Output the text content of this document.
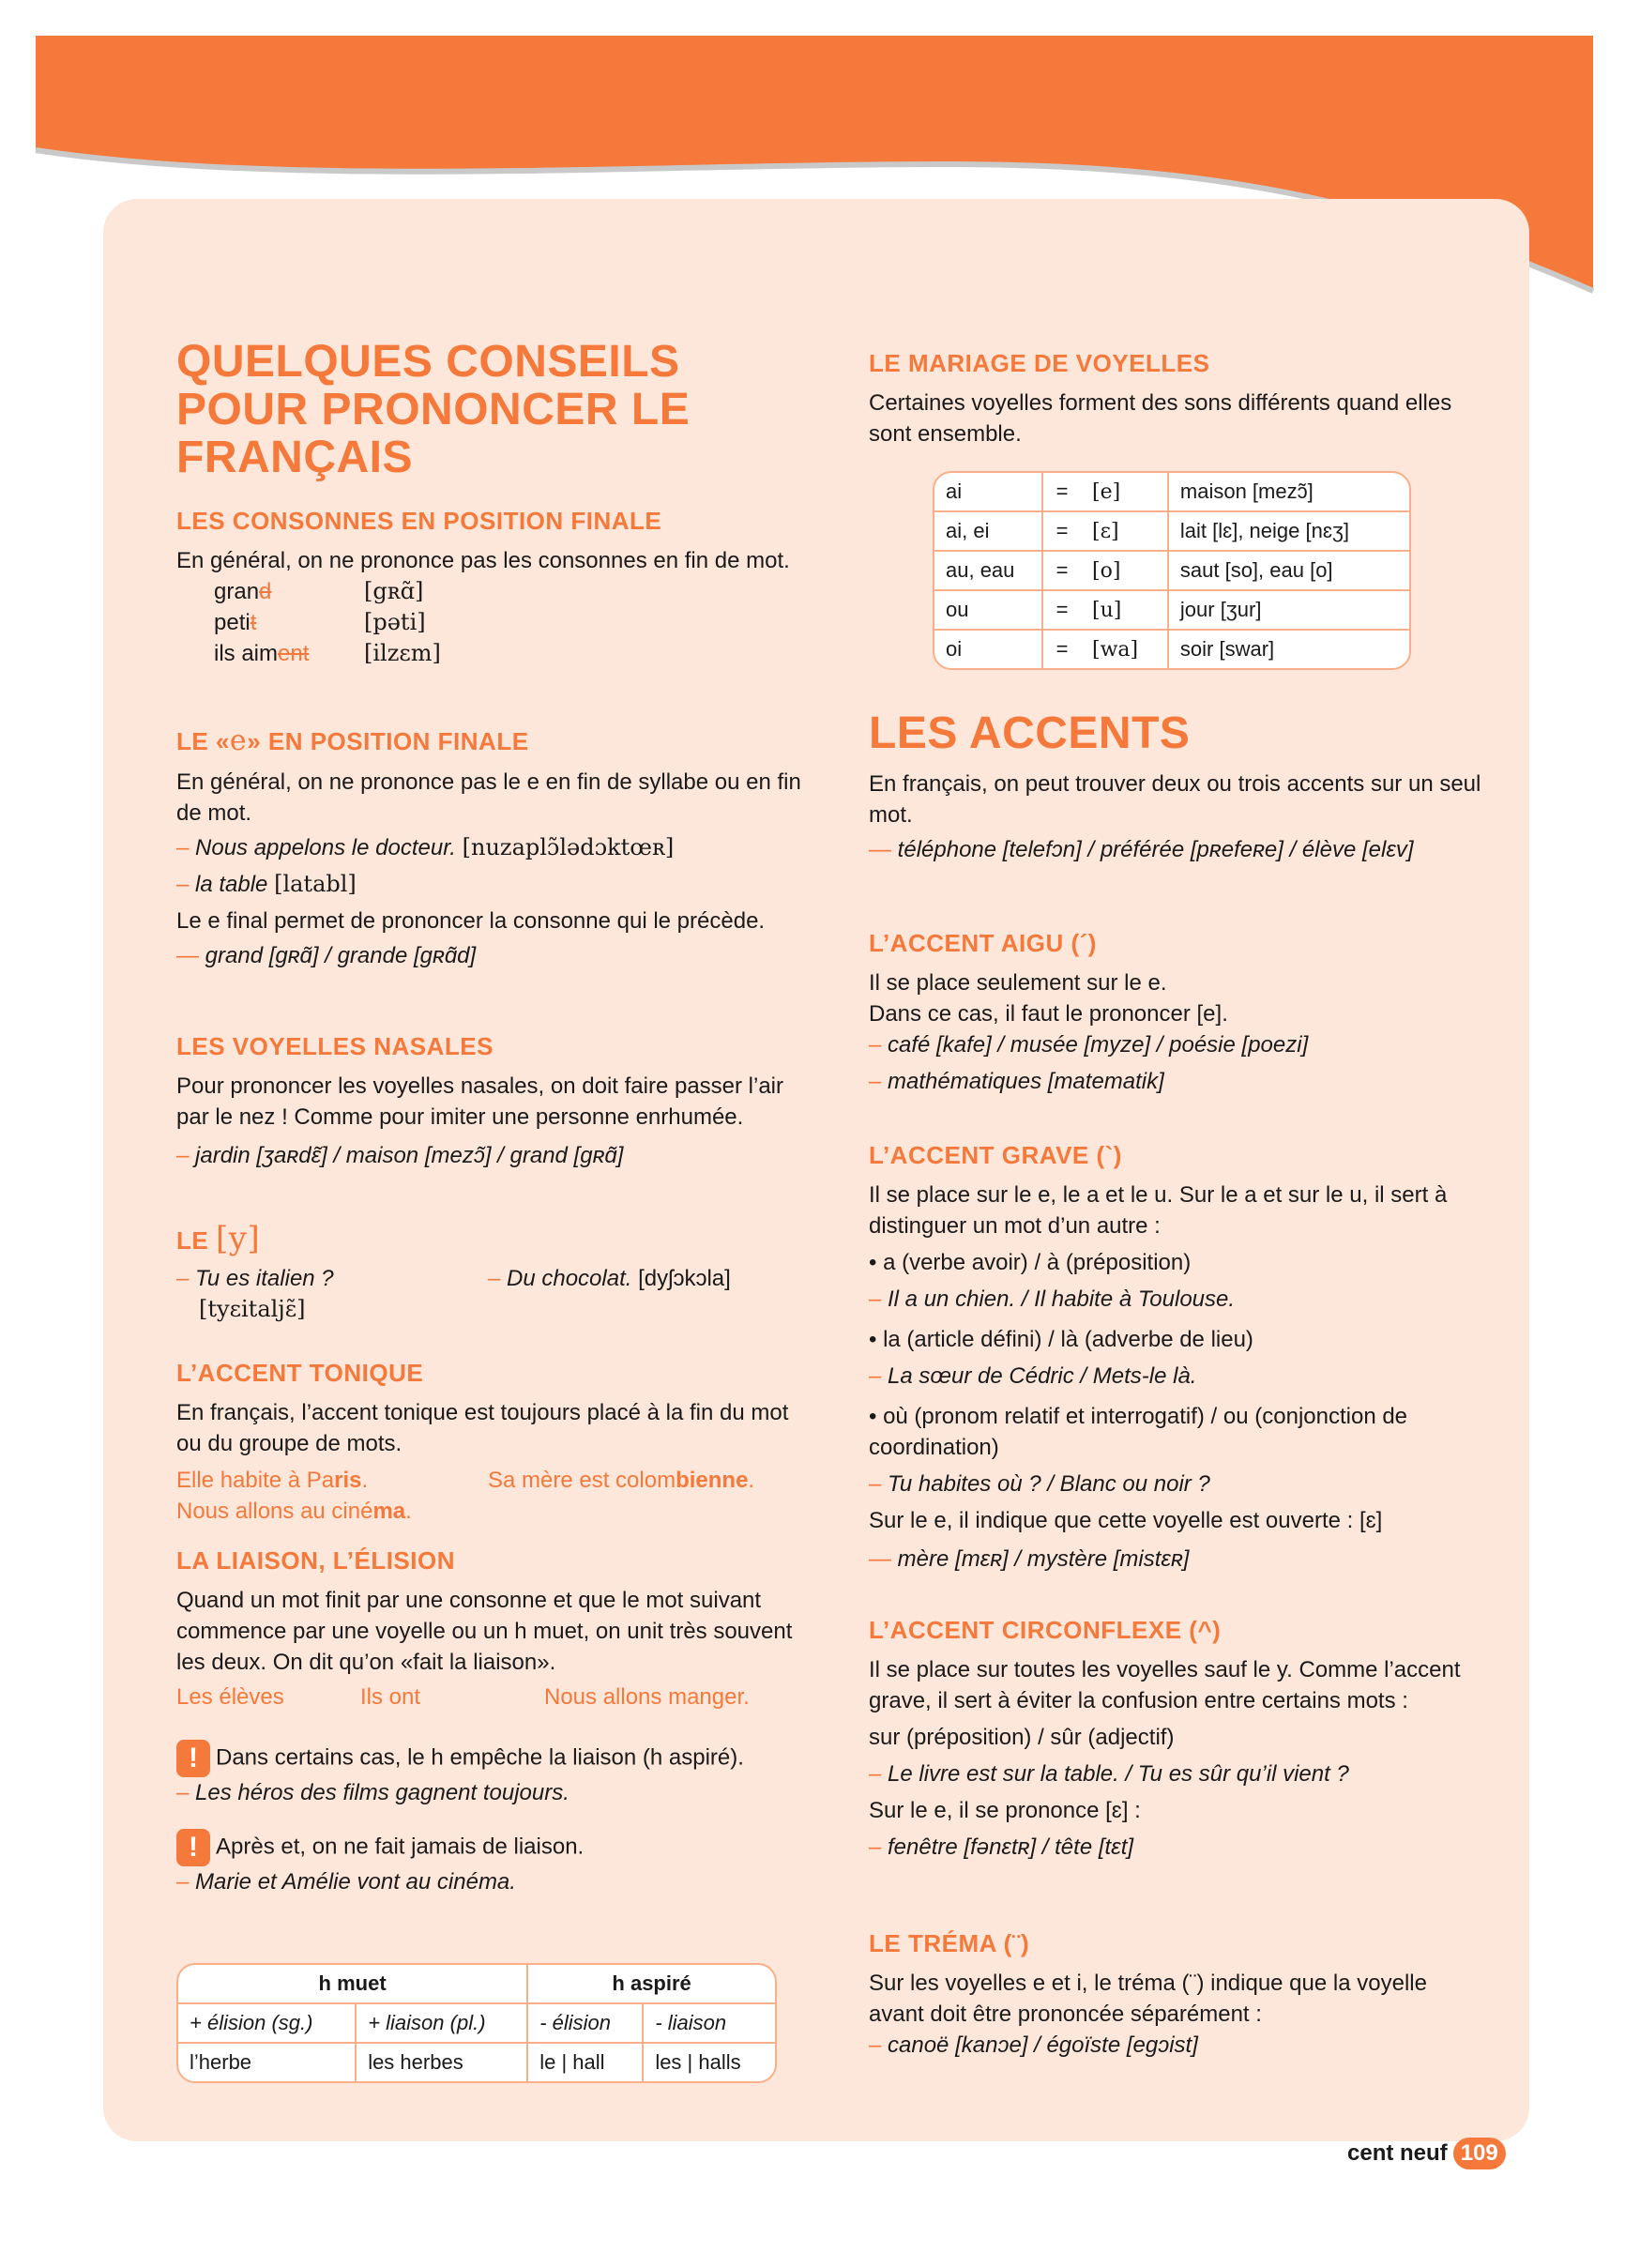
QUELQUES CONSEILS POUR PRONONCER LE FRANÇAIS
LES CONSONNES EN POSITION FINALE

En général, on ne prononce pas les consonnes en fin de mot.

grand	[gʀɑ̃]
petit	[pəti]
ils aiment [ilzɛm]
LE «e» EN POSITION FINALE

En général, on ne prononce pas le e en fin de syllabe ou en fin de mot.

– Nous appelons le docteur. [nuzaplɔ̃lədɔktœʀ]

– la table [latabl]

Le e final permet de prononcer la consonne qui le précède.

— grand [gʀɑ̃] / grande [gʀɑ̃d]

LES VOYELLES NASALES

Pour prononcer les voyelles nasales, on doit faire passer l’air par le nez ! Comme pour imiter une personne enrhumée.

– jardin [ʒaʀdɛ̃] / maison [mezɔ̃] / grand [gʀɑ̃]

LE [y]
– Tu es italien ?
[tyɛitaljɛ̃]
– Du chocolat. [dyʃɔkɔla]
L’ACCENT TONIQUE

En français, l’accent tonique est toujours placé à la fin du mot ou du groupe de mots.

Elle habite à Paris.	Sa mère est colombienne.
Nous allons au cinéma.
LA LIAISON, L’ÉLISION

Quand un mot finit par une consonne et que le mot suivant commence par une voyelle ou un h muet, on unit très souvent les deux. On dit qu’on «fait la liaison».

Les élèves	Ils ont	Nous allons manger.

! Dans certains cas, le h empêche la liaison (h aspiré).

– Les héros des films gagnent toujours.

! Après et, on ne fait jamais de liaison.

– Marie et Amélie vont au cinéma.

h muet		h aspiré	
+ élision (sg.)	+ liaison (pl.)	- élision	- liaison
l’herbe	les herbes	le | hall	les | halls
LE MARIAGE DE VOYELLES

Certaines voyelles forment des sons différents quand elles sont ensemble.

ai	=	[e]	maison [mezɔ̃]
ai, ei	=	[ɛ]	lait [lɛ], neige [nɛʒ]
au, eau	=	[o]	saut [so], eau [o]
ou	=	[u]	jour [ʒur]
oi	=	[wa]	soir [swar]
LES ACCENTS

En français, on peut trouver deux ou trois accents sur un seul mot.

— téléphone [telefɔn] / préférée [pʀefeʀe] / élève [elɛv]

L’ACCENT AIGU (´)

Il se place seulement sur le e.

Dans ce cas, il faut le prononcer [e].

– café [kafe] / musée [myze] / poésie [poezi]

– mathématiques [matematik]

L’ACCENT GRAVE (`)

Il se place sur le e, le a et le u. Sur le a et sur le u, il sert à distinguer un mot d’un autre :

• a (verbe avoir) / à (préposition)

– Il a un chien. / Il habite à Toulouse.

• la (article défini) / là (adverbe de lieu)

– La sœur de Cédric / Mets-le là.

• où (pronom relatif et interrogatif) / ou (conjonction de coordination)

– Tu habites où ? / Blanc ou noir ?

Sur le e, il indique que cette voyelle est ouverte : [ɛ]

— mère [mɛʀ] / mystère [mistɛʀ]

L’ACCENT CIRCONFLEXE (^)

Il se place sur toutes les voyelles sauf le y. Comme l’accent grave, il sert à éviter la confusion entre certains mots :

sur (préposition) / sûr (adjectif)

– Le livre est sur la table. / Tu es sûr qu’il vient ?

Sur le e, il se prononce [ɛ] :

– fenêtre [fənɛtʀ] / tête [tɛt]

LE TRÉMA (¨)

Sur les voyelles e et i, le tréma (¨) indique que la voyelle avant doit être prononcée séparément :

– canoë [kanɔe] / égoïste [egɔist]

cent neuf 109
